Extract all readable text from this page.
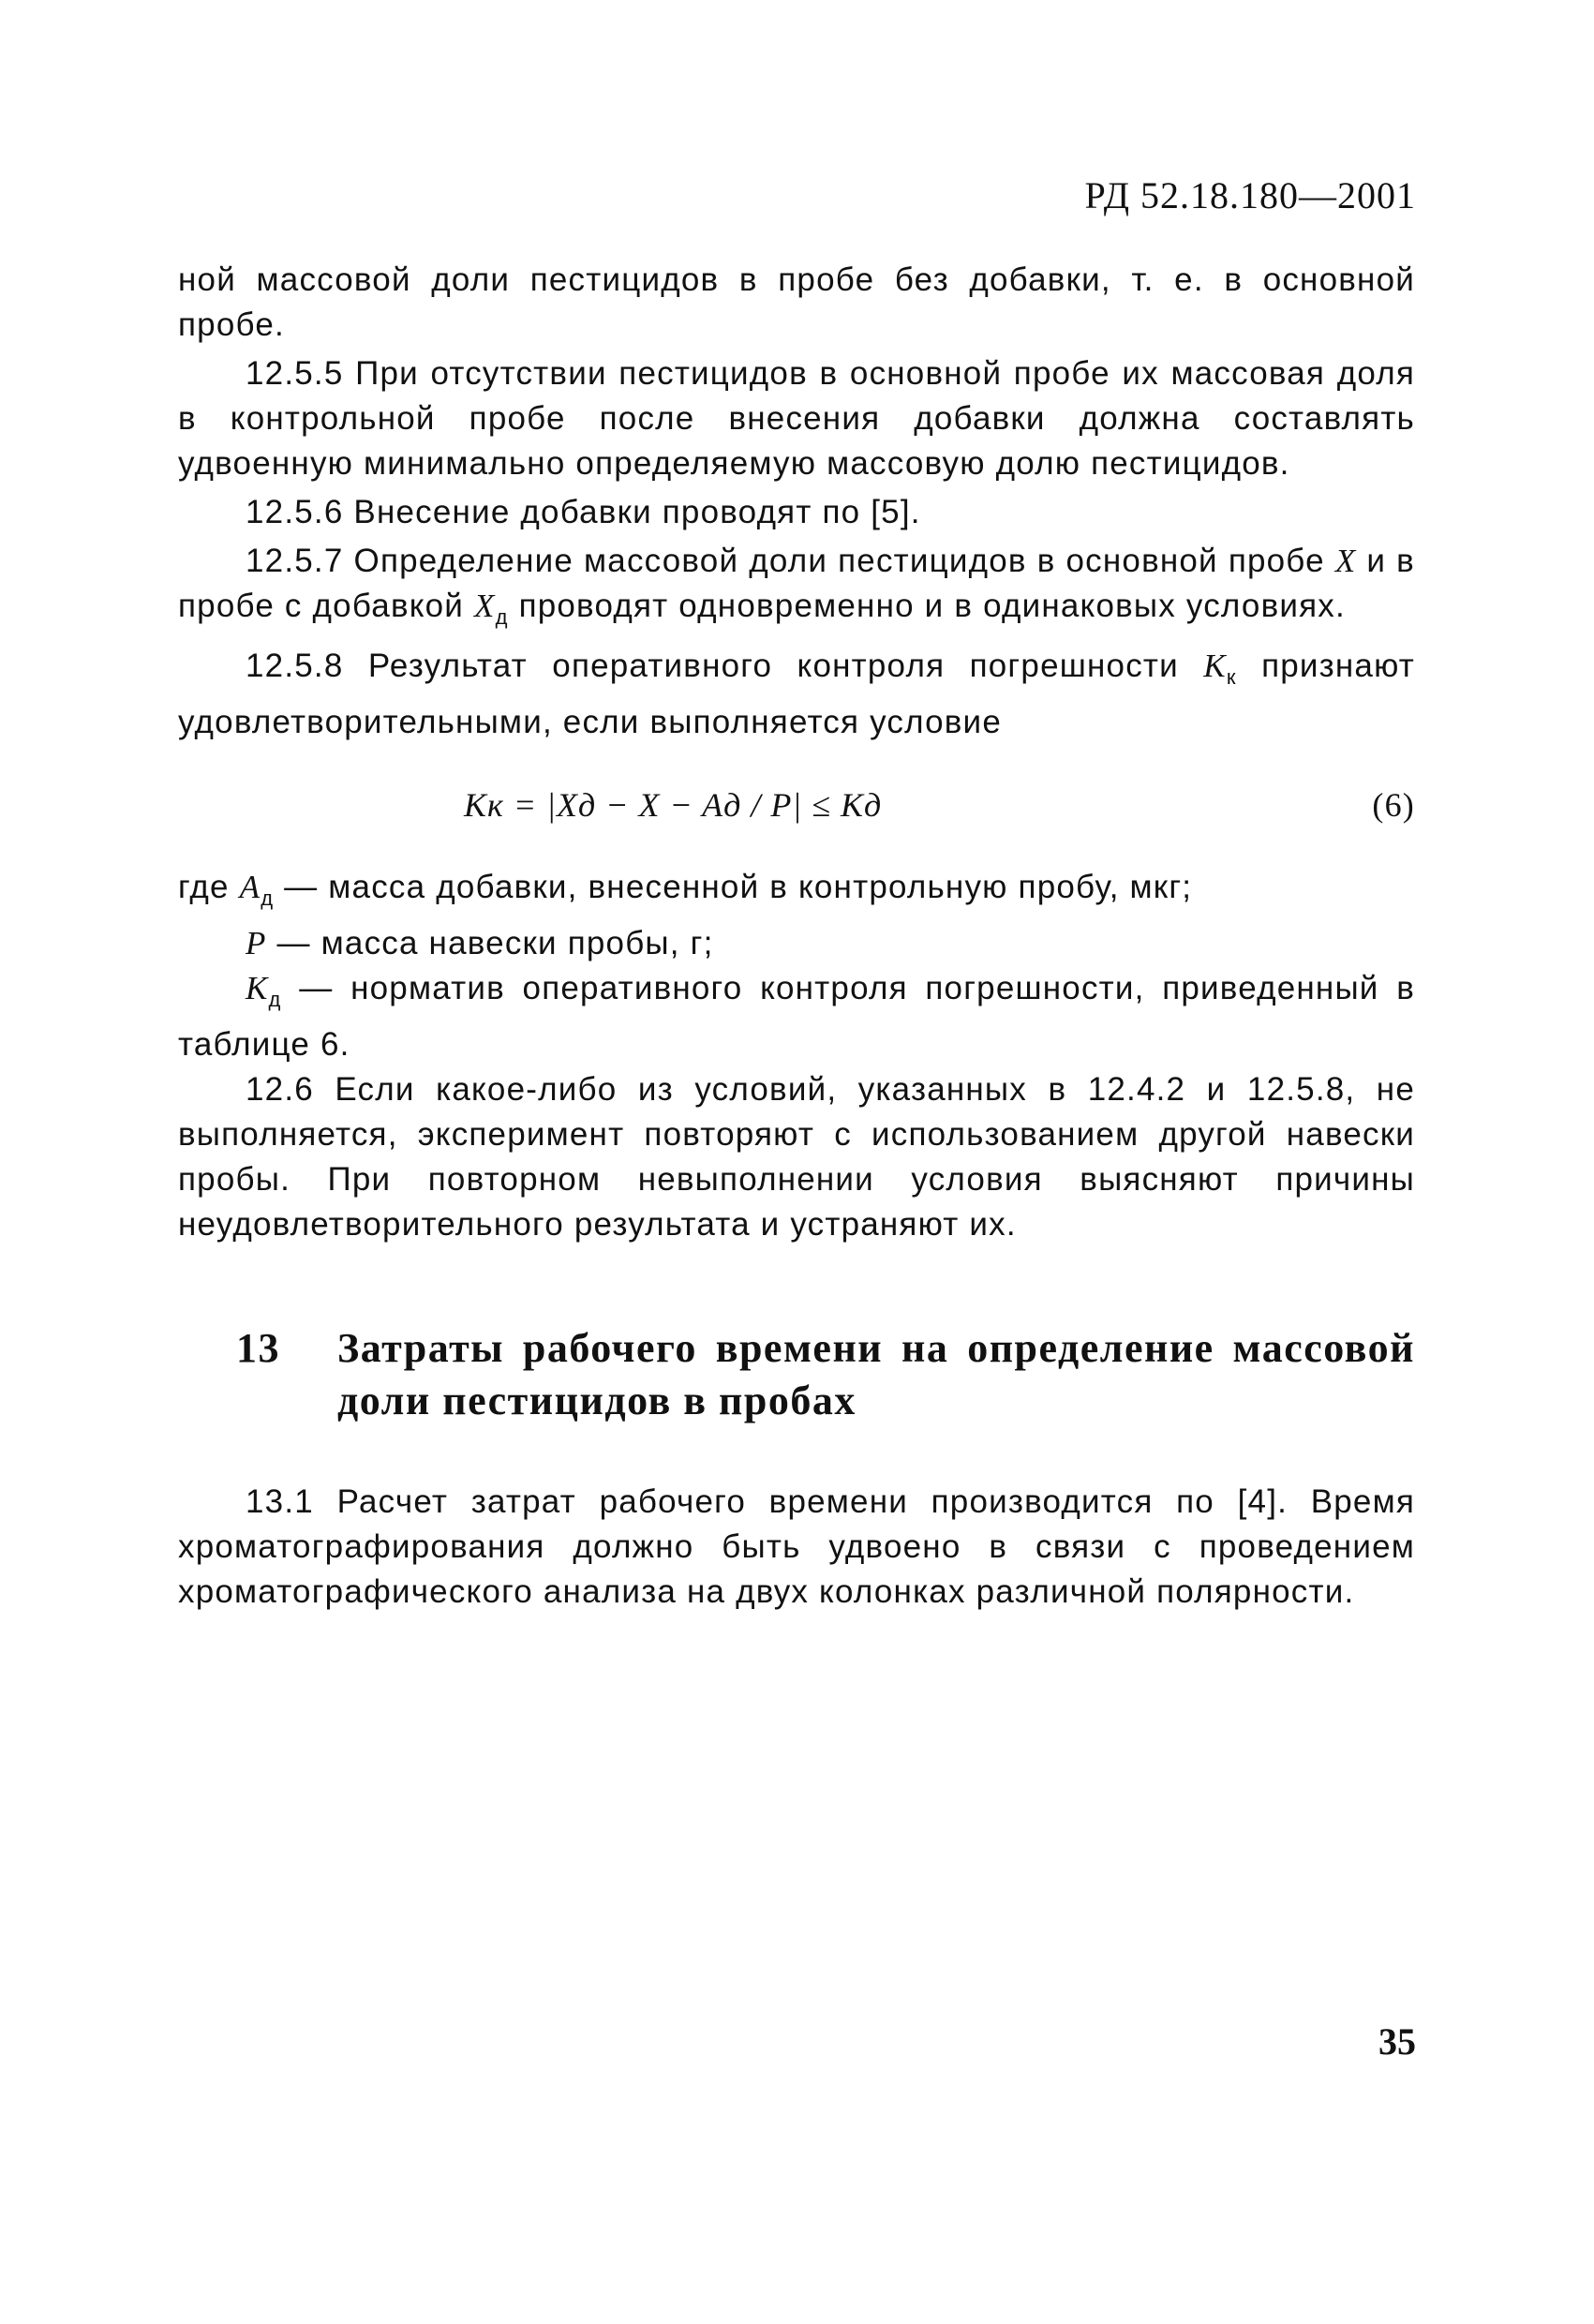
РД 52.18.180—2001

ной массовой доли пестицидов в пробе без добавки, т. е. в основной пробе.

12.5.5 При отсутствии пестицидов в основной пробе их массовая доля в контрольной пробе после внесения добавки должна составлять удвоенную минимально определяемую массовую долю пестицидов.

12.5.6 Внесение добавки проводят по [5].

12.5.7 Определение массовой доли пестицидов в основной пробе X и в пробе с добавкой $X_д$ проводят одновременно и в одинаковых условиях.

12.5.8 Результат оперативного контроля погрешности $K_к$ признают удовлетворительными, если выполняется условие

Kк = |Xд − X − Aд / P| ≤ Kд	(6)

где $A_д$ — масса добавки, внесенной в контрольную пробу, мкг;

P — масса навески пробы, г;

$K_д$ — норматив оперативного контроля погрешности, приведенный в таблице 6.

12.6 Если какое-либо из условий, указанных в 12.4.2 и 12.5.8, не выполняется, эксперимент повторяют с использованием другой навески пробы. При повторном невыполнении условия выясняют причины неудовлетворительного результата и устраняют их.

13 Затраты рабочего времени на определение массовой доли пестицидов в пробах

13.1 Расчет затрат рабочего времени производится по [4]. Время хроматографирования должно быть удвоено в связи с проведением хроматографического анализа на двух колонках различной полярности.

35
